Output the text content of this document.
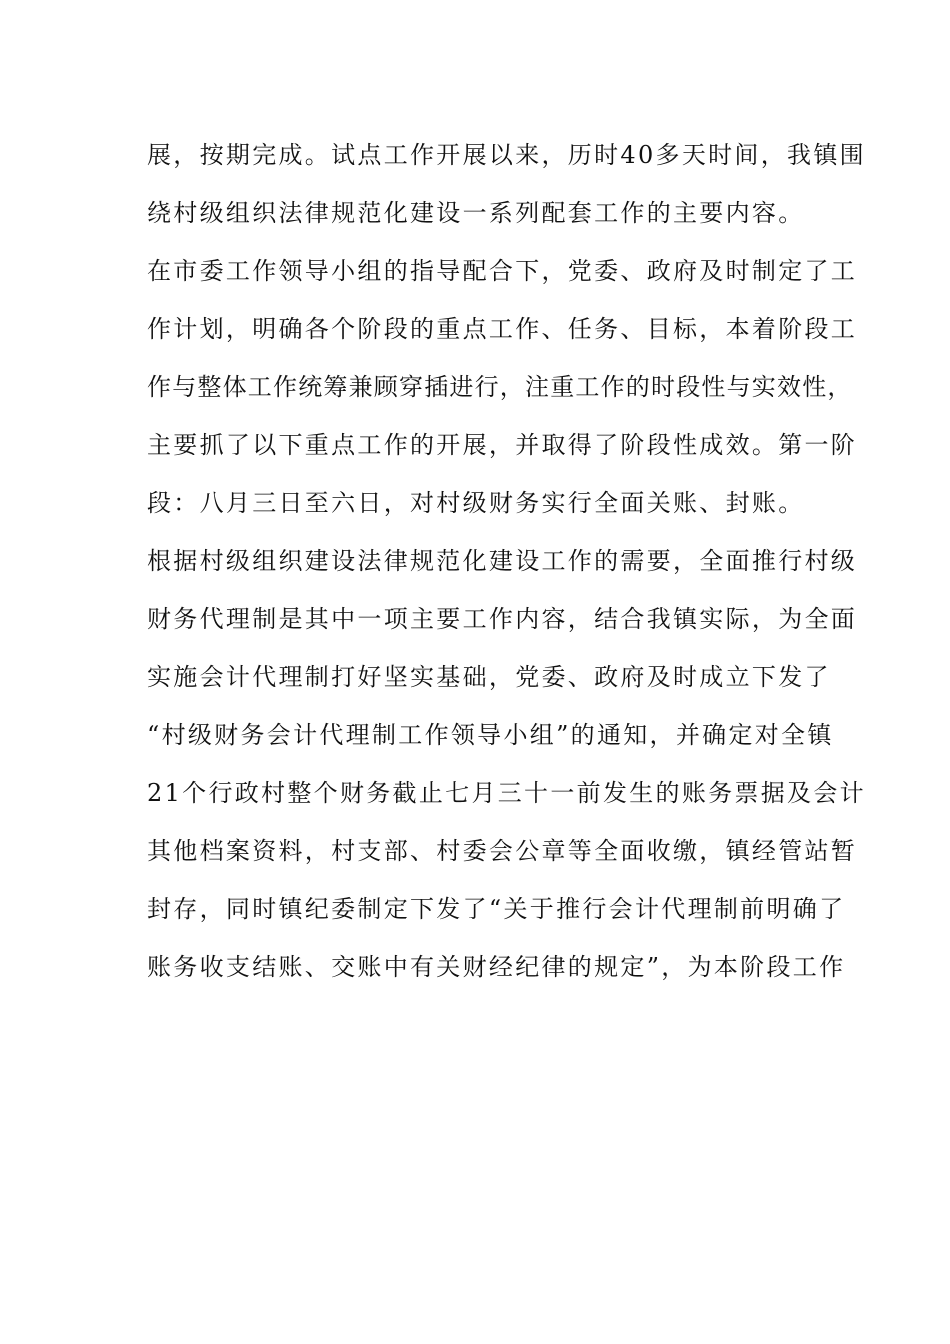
展，按期完成。试点工作开展以来，历时40多天时间，我镇围
绕村级组织法律规范化建设一系列配套工作的主要内容。
在市委工作领导小组的指导配合下，党委、政府及时制定了工
作计划，明确各个阶段的重点工作、任务、目标，本着阶段工
作与整体工作统筹兼顾穿插进行，注重工作的时段性与实效性，
主要抓了以下重点工作的开展，并取得了阶段性成效。第一阶
段：八月三日至六日，对村级财务实行全面关账、封账。
根据村级组织建设法律规范化建设工作的需要，全面推行村级
财务代理制是其中一项主要工作内容，结合我镇实际，为全面
实施会计代理制打好坚实基础，党委、政府及时成立下发了
“村级财务会计代理制工作领导小组”的通知，并确定对全镇
21个行政村整个财务截止七月三十一前发生的账务票据及会计
其他档案资料，村支部、村委会公章等全面收缴，镇经管站暂
封存，同时镇纪委制定下发了“关于推行会计代理制前明确了
账务收支结账、交账中有关财经纪律的规定”，为本阶段工作
